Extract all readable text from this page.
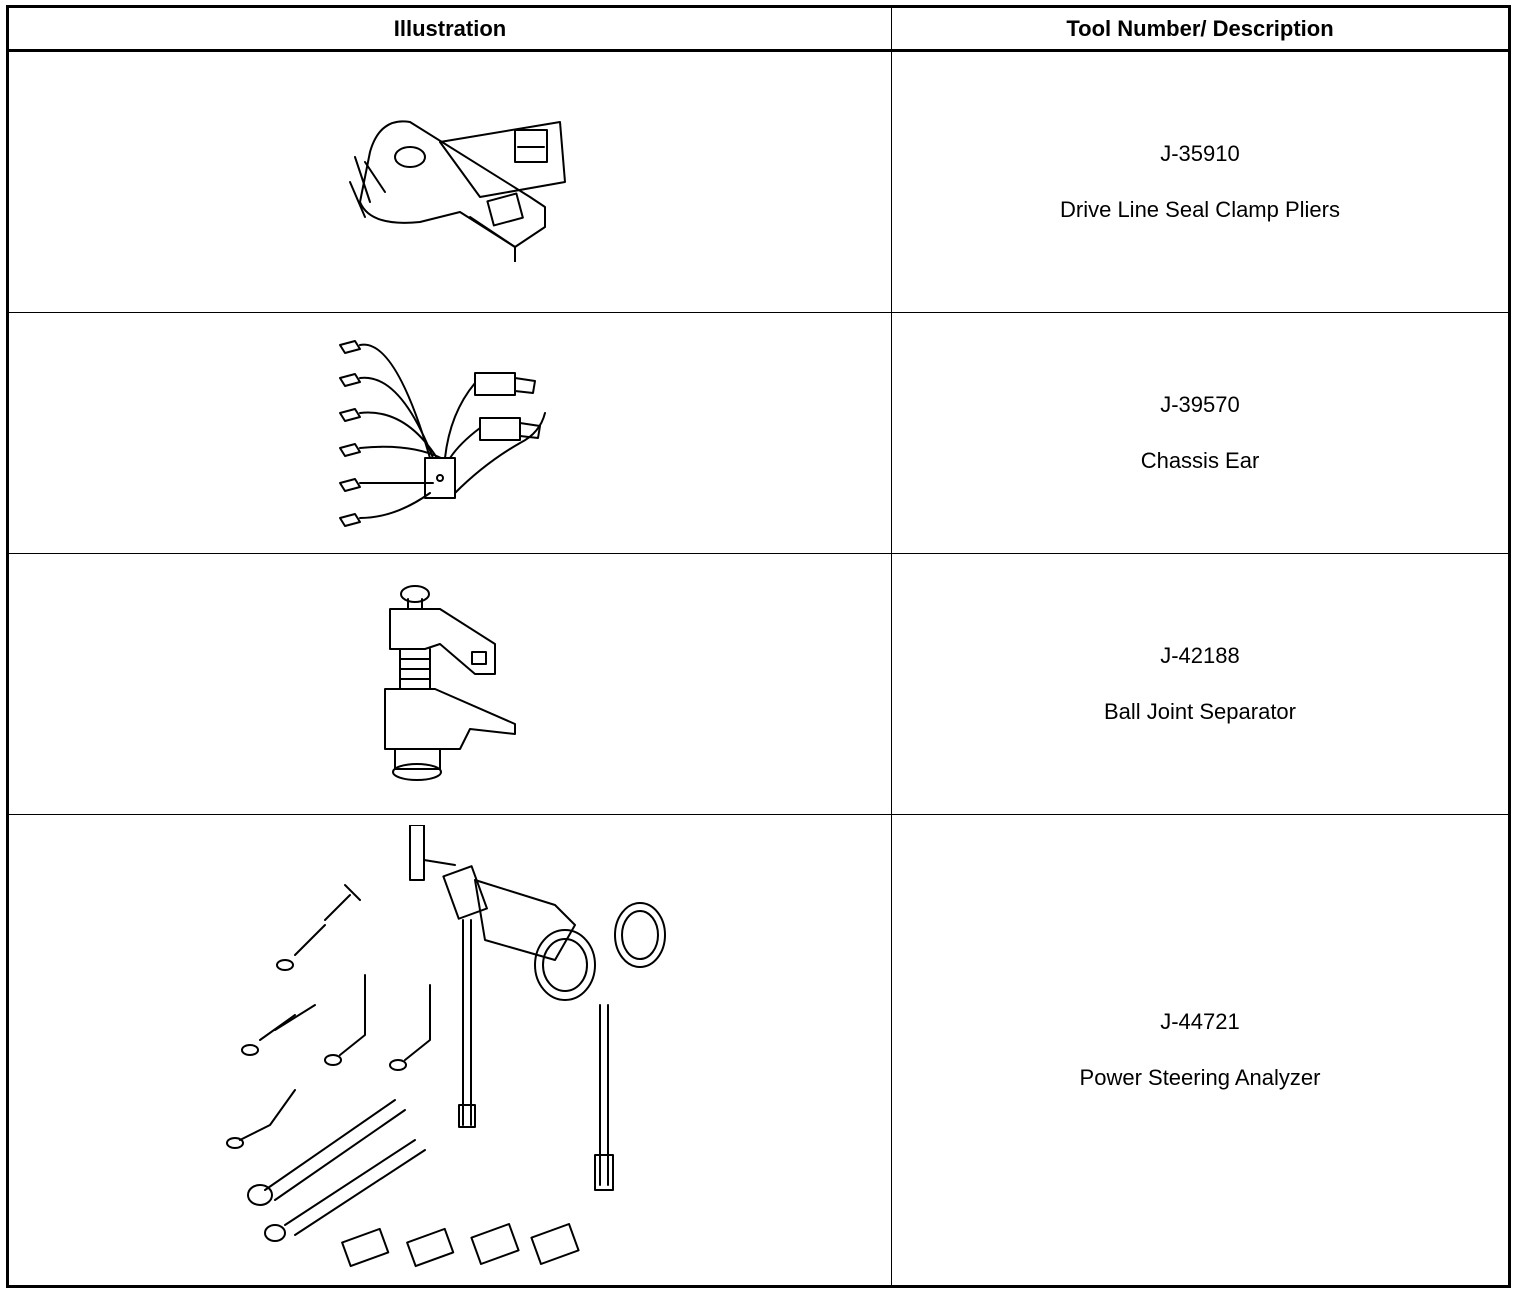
Illustration	Tool Number/ Description

J-35910
Drive Line Seal Clamp Pliers

J-39570
Chassis Ear

J-42188
Ball Joint Separator

J-44721
Power Steering Analyzer
